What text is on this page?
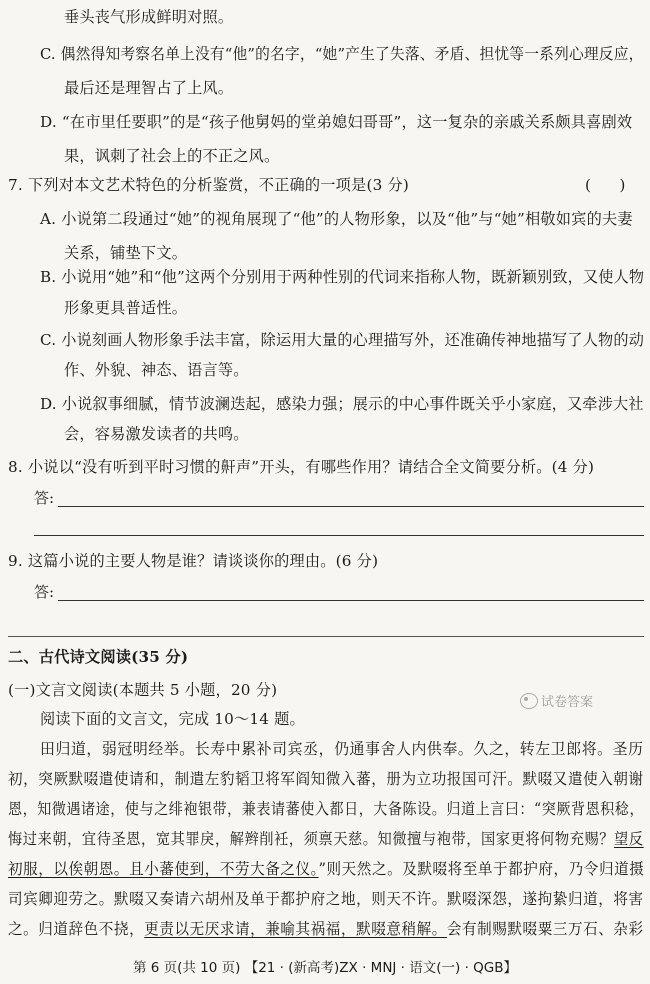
垂头丧气形成鲜明对照。
C. 偶然得知考察名单上没有“他”的名字，“她”产生了失落、矛盾、担忧等一系列心理反应，
最后还是理智占了上风。
D. “在市里任要职”的是“孩子他舅妈的堂弟媳妇哥哥”，这一复杂的亲戚关系颇具喜剧效
果，讽刺了社会上的不正之风。
7. 下列对本文艺术特色的分析鉴赏，不正确的一项是(3 分)	(      )
A. 小说第二段通过“她”的视角展现了“他”的人物形象，以及“他”与“她”相敬如宾的夫妻
关系，铺垫下文。
B. 小说用“她”和“他”这两个分别用于两种性别的代词来指称人物，既新颖别致，又使人物
形象更具普适性。
C. 小说刻画人物形象手法丰富，除运用大量的心理描写外，还准确传神地描写了人物的动
作、外貌、神态、语言等。
D. 小说叙事细腻，情节波澜迭起，感染力强；展示的中心事件既关乎小家庭，又牵涉大社
会，容易激发读者的共鸣。
8. 小说以“没有听到平时习惯的鼾声”开头，有哪些作用？请结合全文简要分析。(4 分)
答:
9. 这篇小说的主要人物是谁？请谈谈你的理由。(6 分)
答:
二、古代诗文阅读(35 分)
(一)文言文阅读(本题共 5 小题，20 分)
试卷答案
阅读下面的文言文，完成 10～14 题。
田归道，弱冠明经举。长寿中累补司宾丞，仍通事舍人内供奉。久之，转左卫郎将。圣历
初，突厥默啜遣使请和，制遣左豹韬卫将军阎知微入蕃，册为立功报国可汗。默啜又遣使入朝谢
恩，知微遇诸途，使与之绯袍银带，兼表请蕃使入都日，大备陈设。归道上言曰：“突厥背恩积稔，
悔过来朝，宜待圣恩，宽其罪戾，解辫削衽，须禀天慈。知微擅与袍带，国家更将何物充赐？望反
初服，以俟朝恩。且小蕃使到，不劳大备之仪。”则天然之。及默啜将至单于都护府，乃令归道摄
司宾卿迎劳之。默啜又奏请六胡州及单于都护府之地，则天不许。默啜深怨，遂拘絷归道，将害
之。归道辞色不挠，更责以无厌求请，兼喻其祸福，默啜意稍解。会有制赐默啜粟三万石、杂彩
第 6 页(共 10 页) 【21 · (新高考)ZX · MNJ · 语文(一) · QGB】
